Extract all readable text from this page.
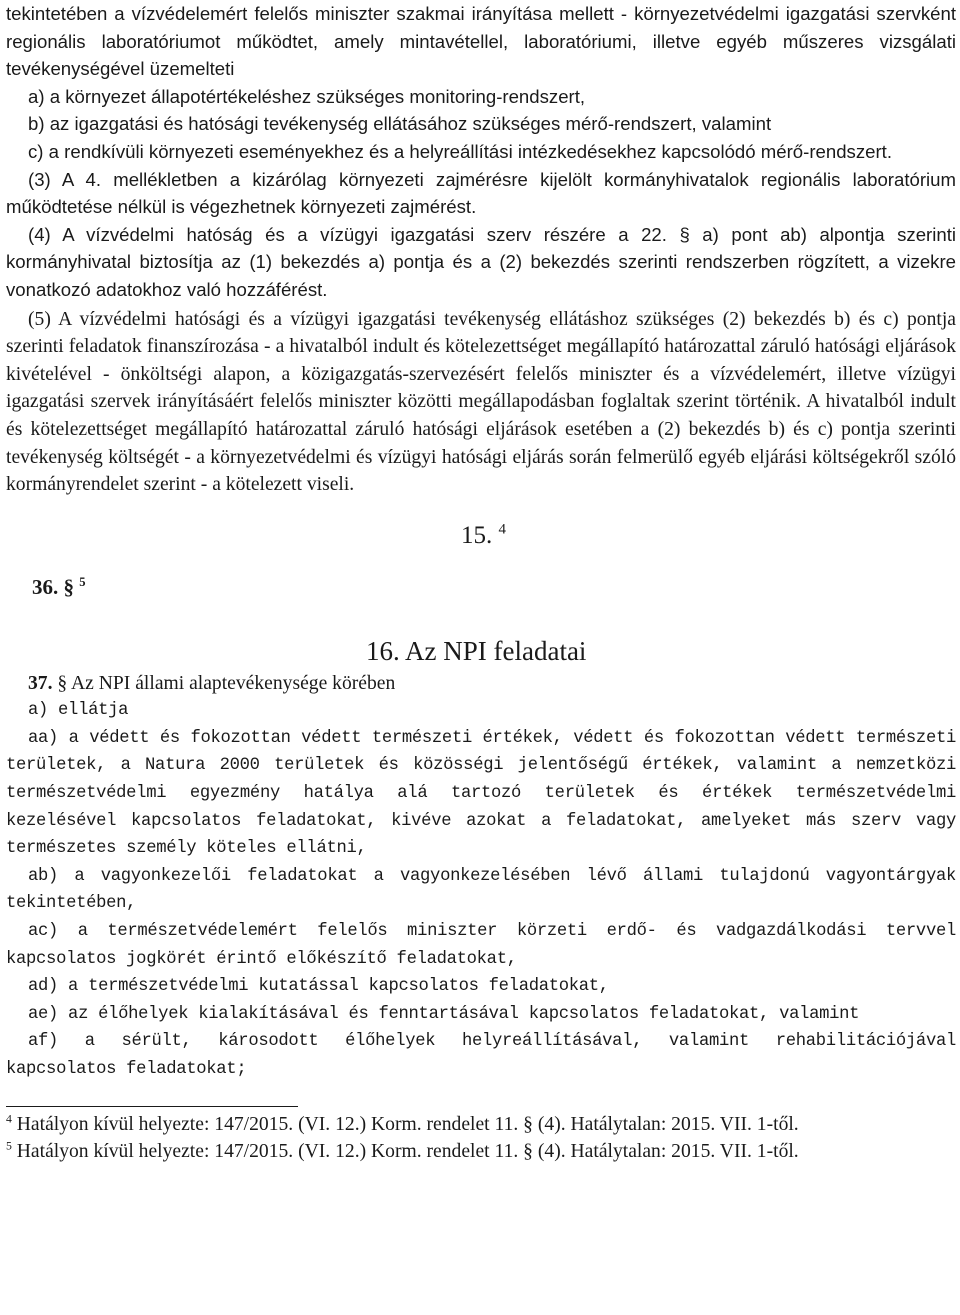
tekintetében a vízvédelemért felelős miniszter szakmai irányítása mellett - környezetvédelmi igazgatási szervként regionális laboratóriumot működtet, amely mintavétellel, laboratóriumi, illetve egyéb műszeres vizsgálati tevékenységével üzemelteti

a) a környezet állapotértékeléshez szükséges monitoring-rendszert,

b) az igazgatási és hatósági tevékenység ellátásához szükséges mérő-rendszert, valamint

c) a rendkívüli környezeti eseményekhez és a helyreállítási intézkedésekhez kapcsolódó mérő-rendszert.

(3) A 4. mellékletben a kizárólag környezeti zajmérésre kijelölt kormányhivatalok regionális laboratórium működtetése nélkül is végezhetnek környezeti zajmérést.

(4) A vízvédelmi hatóság és a vízügyi igazgatási szerv részére a 22. § a) pont ab) alpontja szerinti kormányhivatal biztosítja az (1) bekezdés a) pontja és a (2) bekezdés szerinti rendszerben rögzített, a vizekre vonatkozó adatokhoz való hozzáférést.

(5) A vízvédelmi hatósági és a vízügyi igazgatási tevékenység ellátáshoz szükséges (2) bekezdés b) és c) pontja szerinti feladatok finanszírozása - a hivatalból indult és kötelezettséget megállapító határozattal záruló hatósági eljárások kivételével - önköltségi alapon, a közigazgatás-szervezésért felelős miniszter és a vízvédelemért, illetve vízügyi igazgatási szervek irányításáért felelős miniszter közötti megállapodásban foglaltak szerint történik. A hivatalból indult és kötelezettséget megállapító határozattal záruló hatósági eljárások esetében a (2) bekezdés b) és c) pontja szerinti tevékenység költségét - a környezetvédelmi és vízügyi hatósági eljárás során felmerülő egyéb eljárási költségekről szóló kormányrendelet szerint - a kötelezett viseli.

15. $^4$
36. § $^5$
16. Az NPI feladatai

37. § Az NPI állami alaptevékenysége körében

a) ellátja

aa) a védett és fokozottan védett természeti értékek, védett és fokozottan védett természeti területek, a Natura 2000 területek és közösségi jelentőségű értékek, valamint a nemzetközi természetvédelmi egyezmény hatálya alá tartozó területek és értékek természetvédelmi kezelésével kapcsolatos feladatokat, kivéve azokat a feladatokat, amelyeket más szerv vagy természetes személy köteles ellátni,

ab) a vagyonkezelői feladatokat a vagyonkezelésében lévő állami tulajdonú vagyontárgyak tekintetében,

ac) a természetvédelemért felelős miniszter körzeti erdő- és vadgazdálkodási tervvel kapcsolatos jogkörét érintő előkészítő feladatokat,

ad) a természetvédelmi kutatással kapcsolatos feladatokat,

ae) az élőhelyek kialakításával és fenntartásával kapcsolatos feladatokat, valamint

af) a sérült, károsodott élőhelyek helyreállításával, valamint rehabilitációjával kapcsolatos feladatokat;

$^4$ Hatályon kívül helyezte: 147/2015. (VI. 12.) Korm. rendelet 11. § (4). Hatálytalan: 2015. VII. 1-től.

$^5$ Hatályon kívül helyezte: 147/2015. (VI. 12.) Korm. rendelet 11. § (4). Hatálytalan: 2015. VII. 1-től.
